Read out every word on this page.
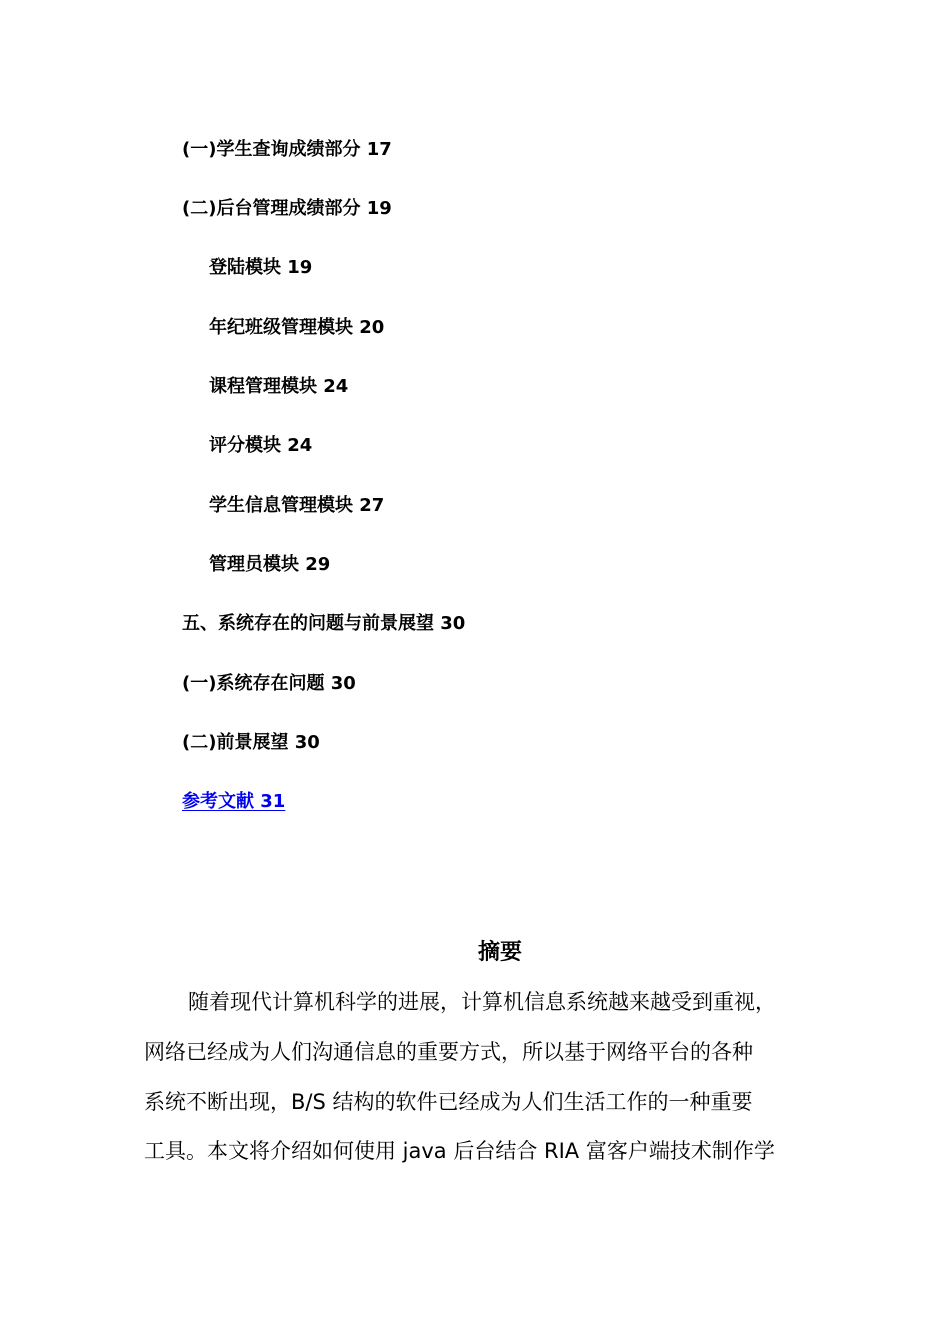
(一)学生查询成绩部分 17
(二)后台管理成绩部分 19
登陆模块 19
年纪班级管理模块 20
课程管理模块 24
评分模块 24
学生信息管理模块 27
管理员模块 29
五、系统存在的问题与前景展望 30
(一)系统存在问题 30
(二)前景展望 30
参考文献 31
摘要
随着现代计算机科学的进展，计算机信息系统越来越受到重视，
网络已经成为人们沟通信息的重要方式，所以基于网络平台的各种
系统不断出现，B/S 结构的软件已经成为人们生活工作的一种重要
工具。本文将介绍如何使用 java 后台结合 RIA 富客户端技术制作学
